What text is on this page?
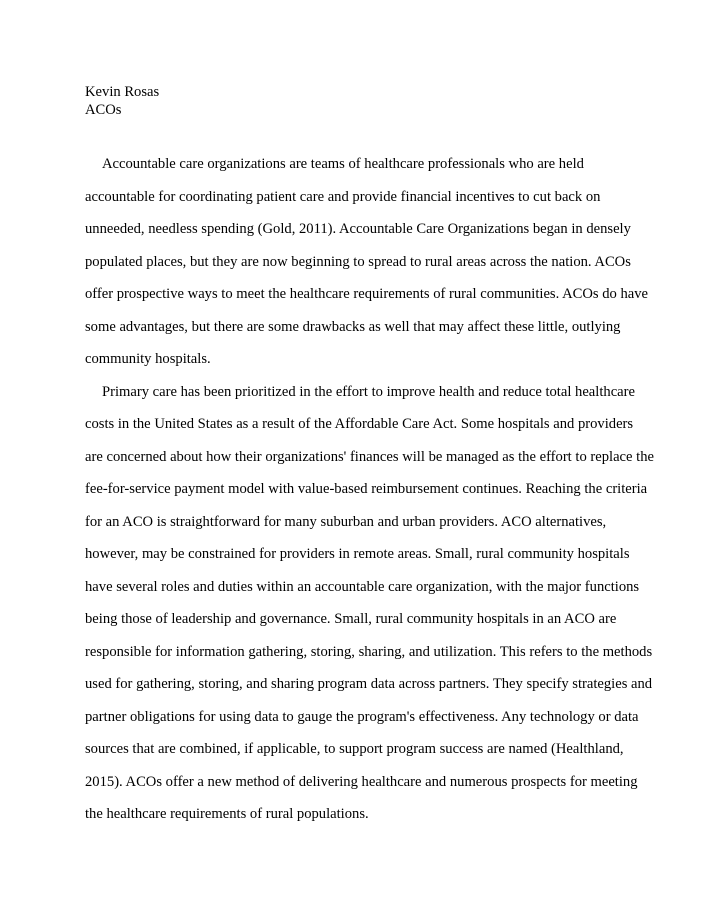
Kevin Rosas
ACOs
Accountable care organizations are teams of healthcare professionals who are held
accountable for coordinating patient care and provide financial incentives to cut back on
unneeded, needless spending (Gold, 2011). Accountable Care Organizations began in densely
populated places, but they are now beginning to spread to rural areas across the nation. ACOs
offer prospective ways to meet the healthcare requirements of rural communities. ACOs do have
some advantages, but there are some drawbacks as well that may affect these little, outlying
community hospitals.
Primary care has been prioritized in the effort to improve health and reduce total healthcare
costs in the United States as a result of the Affordable Care Act. Some hospitals and providers
are concerned about how their organizations' finances will be managed as the effort to replace the
fee-for-service payment model with value-based reimbursement continues. Reaching the criteria
for an ACO is straightforward for many suburban and urban providers. ACO alternatives,
however, may be constrained for providers in remote areas. Small, rural community hospitals
have several roles and duties within an accountable care organization, with the major functions
being those of leadership and governance. Small, rural community hospitals in an ACO are
responsible for information gathering, storing, sharing, and utilization. This refers to the methods
used for gathering, storing, and sharing program data across partners. They specify strategies and
partner obligations for using data to gauge the program's effectiveness. Any technology or data
sources that are combined, if applicable, to support program success are named (Healthland,
2015). ACOs offer a new method of delivering healthcare and numerous prospects for meeting
the healthcare requirements of rural populations.
